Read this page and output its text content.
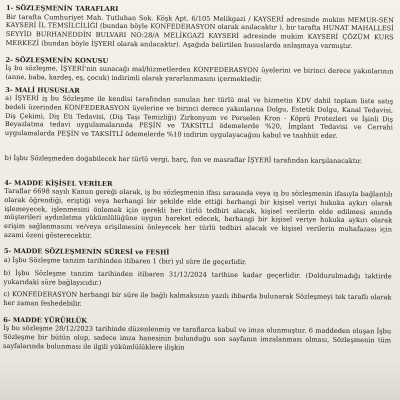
1- SÖZLEŞMENİN TARAFLARI

Bir tarafta Cumhuriyet Mah. Tutluhan Sok. Köşk Apt. 6/105 Melikgazi / KAYSERİ adresinde mukim MEMUR-SEN KAYSERİ İL TEMSİLCİLİĞİ (bundan böyle KONFEDERASYON olarak anılacaktır ), bir tarafta HUNAT MAHALLESİ SEYYİD BURHANEDDİN BULVARI NO:28/A MELİKGAZİ KAYSERİ adresinde mukim KAYSERİ ÇÖZÜM KURS MERKEZİ (bundan böyle İŞYERİ olarak anılacaktır). Aşağıda belirtilen hususlarda anlaşmaya varmıştır.

2- SÖZLEŞMENİN KONUSU

İş bu sözleşme, İŞYERİ'nin sunacağı mal/hizmetlerden KONFEDERASYON üyelerini ve birinci derece yakınlarının (anne, baba, kardeş, eş, çocuk) indirimli olarak yararlanmasını içermektedir.

3- MALİ HUSUSLAR

a) İŞYERİ iş bu Sözleşme ile kendisi tarafından sunulan her türlü mal ve hizmetin KDV dahil toplam liste satış bedeli üzerinden KONFEDERASYON üyelerine ve birinci derece yakınlarına Dolgu, Estetik Dolgu, Kanal Tedavisi, Diş Çekimi, Diş Eti Tedavisi, (Diş Taşı Temizliği) Zirkonyum ve Porselen Kron - Köprü Protezleri ve İşinli Diş Beyazlatma tedavi uygulamalarında PEŞİN ve TAKSİTLİ ödemelerde %20, İmplant Tedavisi ve Cerrahi uygulamalarda PEŞİN ve TAKSİTLİ ödemelerde %10 indirim uygulayacağını kabul ve taahhüt eder.

b) İşbu Sözleşmeden doğabilecek her türlü vergi, harç, fon ve masraflar İŞYERİ tarafından karşılanacaktır.

4- MADDE KİŞİSEL VERİLER

Taraflar 6698 sayılı Kanun gereği olarak, iş bu sözleşmenin ifası sırasında veya iş bu sözleşmenin ifasıyla bağlantılı olarak öğrendiği, eriştiği veya herhangi bir şekilde elde ettiği herhangi bir kişisel veriyi hukuka aykırı olarak işlemeyecek, işlenmesini önlemek için gerekli her türlü tedbiri alacak, kişisel verilerin elde edilmesi anında müşterileri aydınlatma yükümlülüğüne uygun hareket edecek, herhangi bir kişisel veriye hukuka aykırı olarak erişim sağlanmasını ve/veya erişilmesini önleyecek her türlü tedbiri alacak ve kişisel verilerin muhafazası için azami özeni gösterecektir.

5- MADDE SÖZLEŞMENİN SÜRESİ ve FESHİ

a) İşbu Sözleşme tanzim tarihinden itibaren 1 (bir) yıl süre ile geçerlidir.

b) İşbu Sözleşme tanzim tarihinden itibaren 31/12/2024 tarihine kadar geçerlidir. (Doldurulmadığı taktirde yukarıdaki süre bağlayıcıdır.)

c) KONFEDERASYON herhangi bir süre ile bağlı kalmaksızın yazılı ihbarda bulunarak Sözleşmeyi tek taraflı olarak her zaman feshedebilir.

6- MADDE YÜRÜRLÜK

İş bu sözleşme 28/12/2023 tarihinde düzenlenmiş ve taraflarca kabul ve imza olunmuştur. 6 maddeden oluşan İşbu Sözleşme bir bütün olup, sadece imza hanesinin bulunduğu son sayfanın imzalanması olması, Sözleşmenin tüm sayfalarında bulunması ile ilgili yükümlülüklere ilişkin
